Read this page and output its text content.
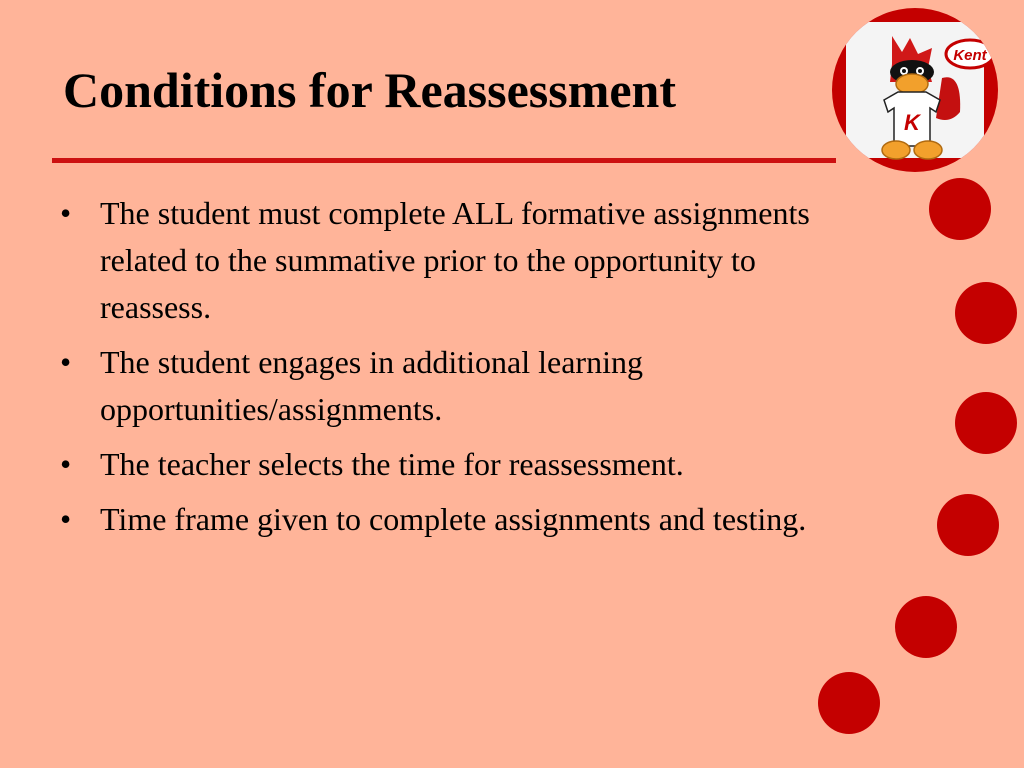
Conditions for Reassessment
• The student must complete ALL formative assignments related to the summative prior to the opportunity to reassess.
• The student engages in additional learning opportunities/assignments.
• The teacher selects the time for reassessment.
• Time frame given to complete assignments and testing.
Kent
K
